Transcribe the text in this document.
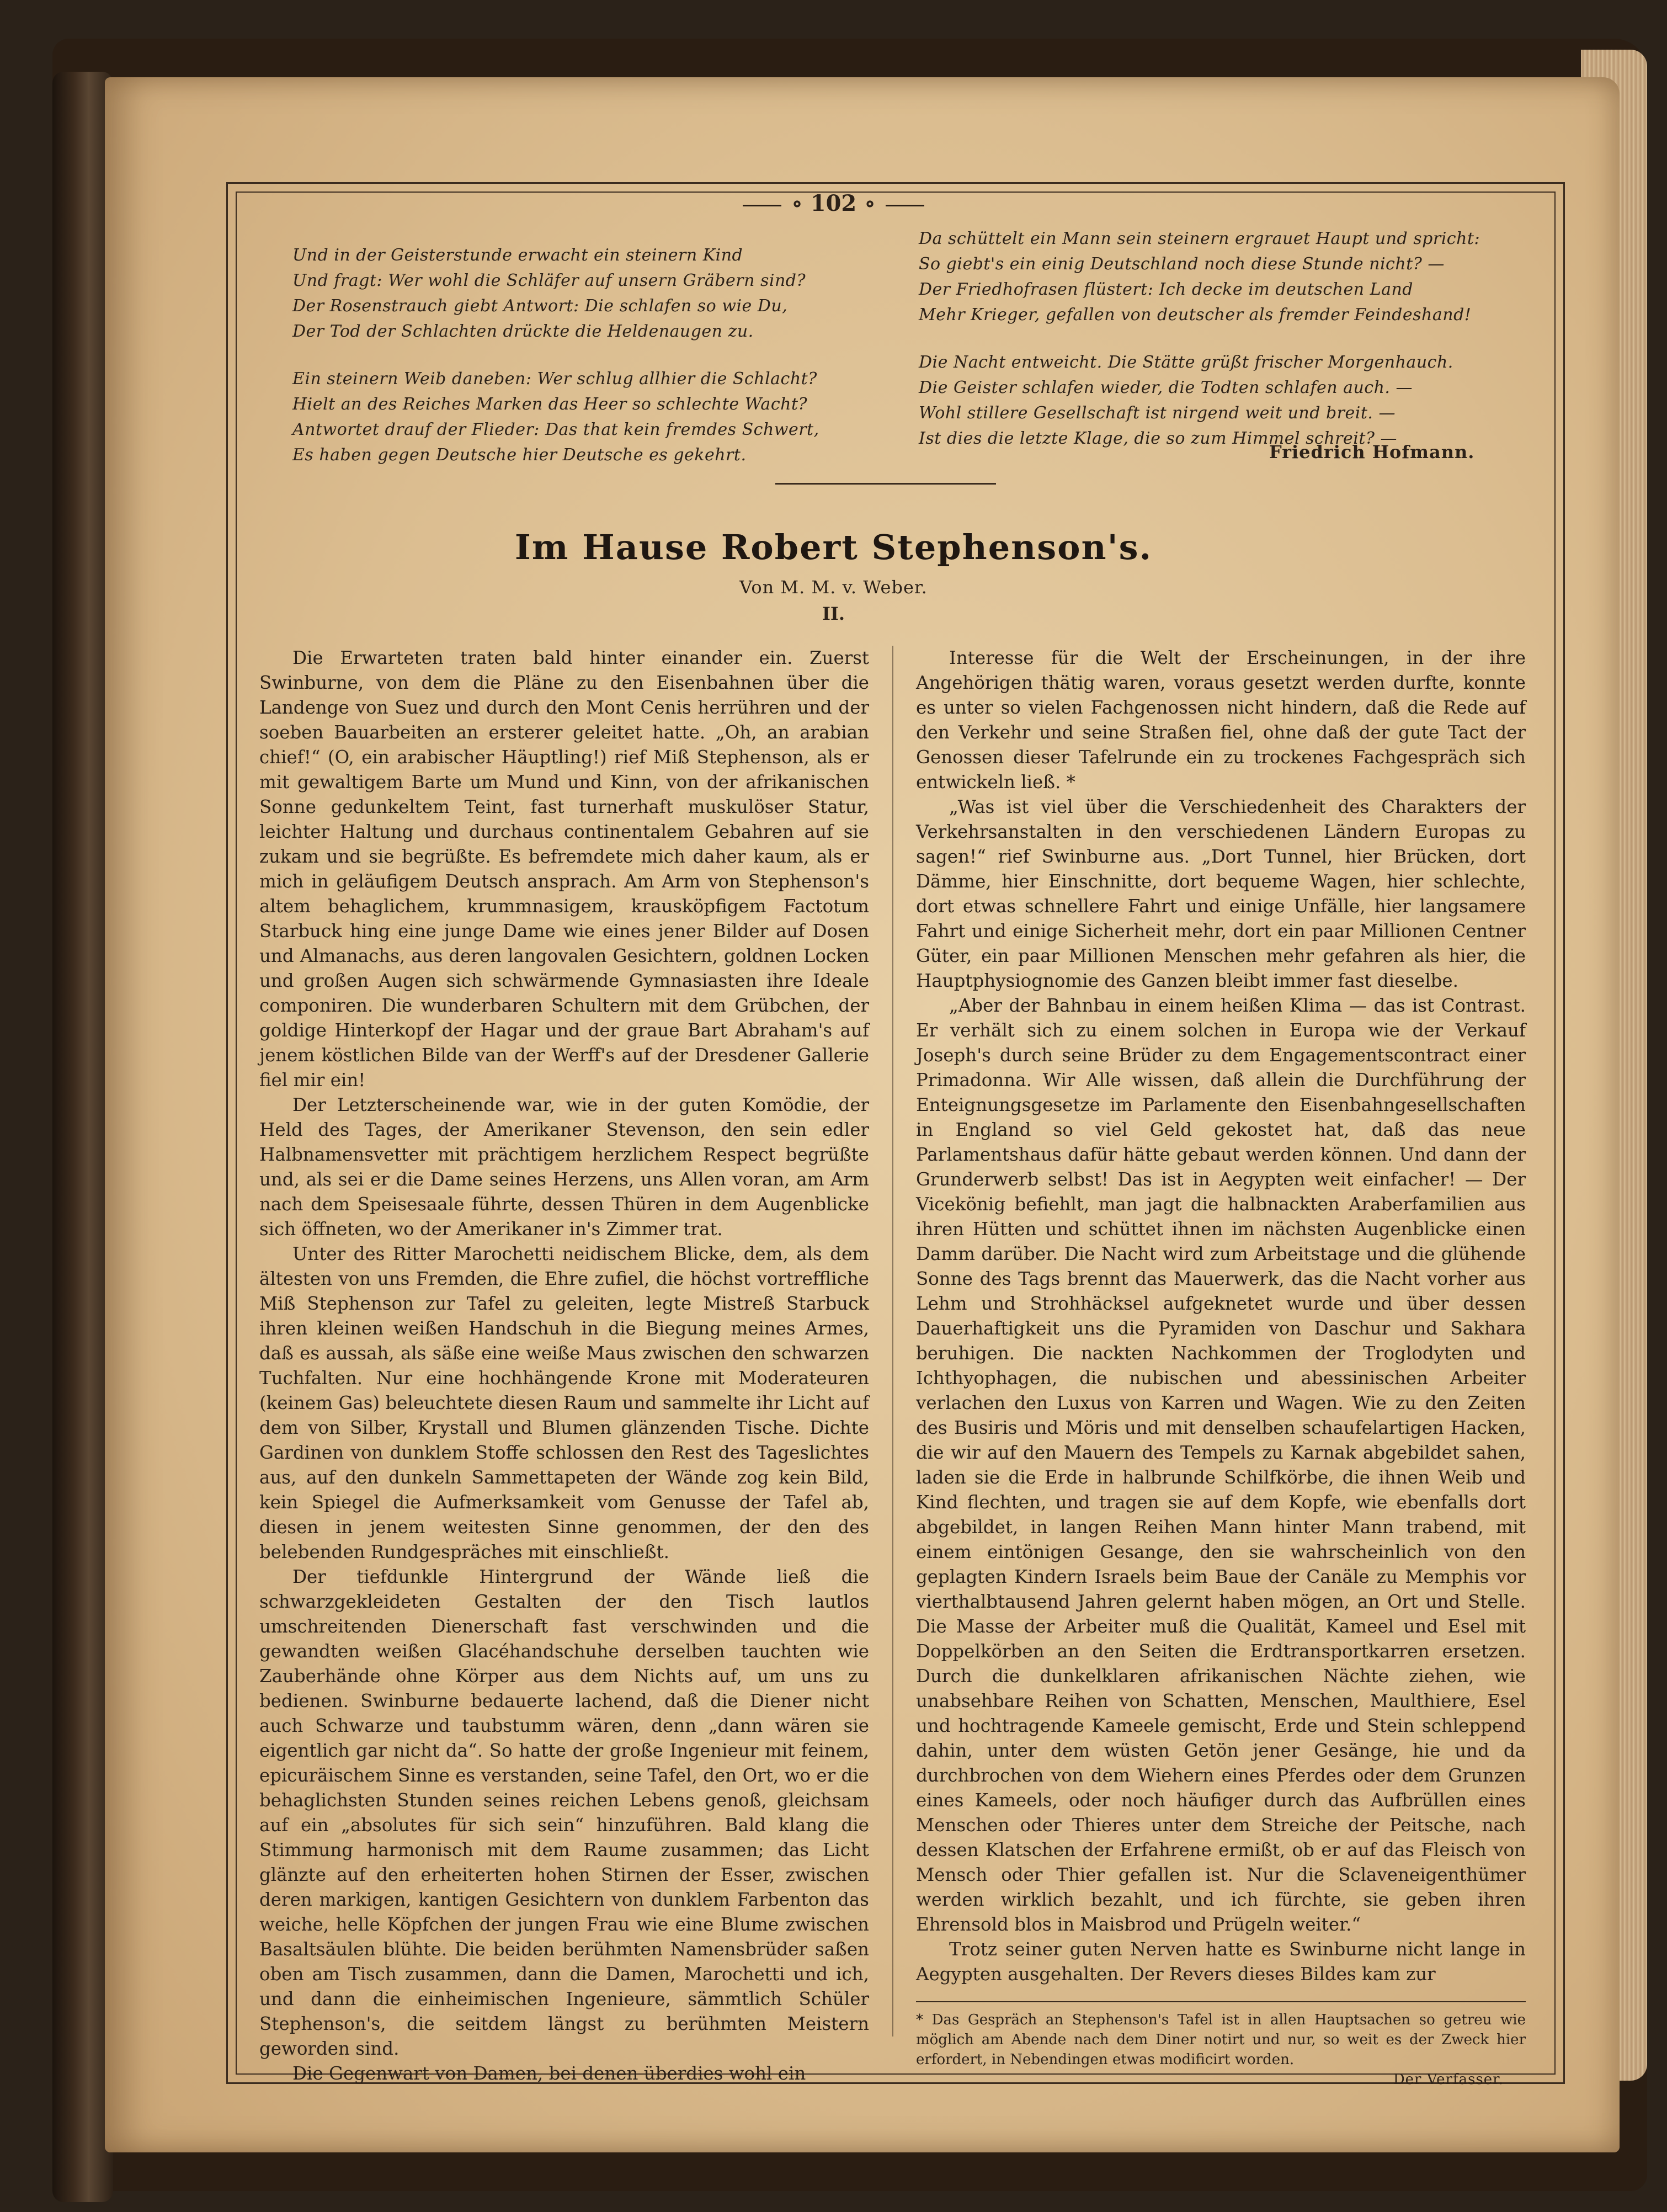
∘ 102 ∘
Und in der Geisterstunde erwacht ein steinern Kind
Und fragt: Wer wohl die Schläfer auf unsern Gräbern sind?
Der Rosenstrauch giebt Antwort: Die schlafen so wie Du,
Der Tod der Schlachten drückte die Heldenaugen zu.
Ein steinern Weib daneben: Wer schlug allhier die Schlacht?
Hielt an des Reiches Marken das Heer so schlechte Wacht?
Antwortet drauf der Flieder: Das that kein fremdes Schwert,
Es haben gegen Deutsche hier Deutsche es gekehrt.
Da schüttelt ein Mann sein steinern ergrauet Haupt und spricht:
So giebt's ein einig Deutschland noch diese Stunde nicht? —
Der Friedhofrasen flüstert: Ich decke im deutschen Land
Mehr Krieger, gefallen von deutscher als fremder Feindeshand!
Die Nacht entweicht. Die Stätte grüßt frischer Morgenhauch.
Die Geister schlafen wieder, die Todten schlafen auch. —
Wohl stillere Gesellschaft ist nirgend weit und breit. —
Ist dies die letzte Klage, die so zum Himmel schreit? —
Friedrich Hofmann.
Im Hause Robert Stephenson's.
Von M. M. v. Weber.
II.

Die Erwarteten traten bald hinter einander ein. Zuerst Swinburne, von dem die Pläne zu den Eisenbahnen über die Landenge von Suez und durch den Mont Cenis herrühren und der soeben Bauarbeiten an ersterer geleitet hatte. „Oh, an arabian chief!“ (O, ein arabischer Häuptling!) rief Miß Stephenson, als er mit gewaltigem Barte um Mund und Kinn, von der afrikanischen Sonne gedunkeltem Teint, fast turnerhaft muskulöser Statur, leichter Haltung und durchaus continentalem Gebahren auf sie zukam und sie begrüßte. Es befremdete mich daher kaum, als er mich in geläufigem Deutsch ansprach. Am Arm von Stephenson's altem behaglichem, krummnasigem, krausköpfigem Factotum Starbuck hing eine junge Dame wie eines jener Bilder auf Dosen und Almanachs, aus deren langovalen Gesichtern, goldnen Locken und großen Augen sich schwärmende Gymnasiasten ihre Ideale componiren. Die wunderbaren Schultern mit dem Grübchen, der goldige Hinterkopf der Hagar und der graue Bart Abraham's auf jenem köstlichen Bilde van der Werff's auf der Dresdener Gallerie fiel mir ein!

Der Letzterscheinende war, wie in der guten Komödie, der Held des Tages, der Amerikaner Stevenson, den sein edler Halbnamensvetter mit prächtigem herzlichem Respect begrüßte und, als sei er die Dame seines Herzens, uns Allen voran, am Arm nach dem Speisesaale führte, dessen Thüren in dem Augenblicke sich öffneten, wo der Amerikaner in's Zimmer trat.

Unter des Ritter Marochetti neidischem Blicke, dem, als dem ältesten von uns Fremden, die Ehre zufiel, die höchst vortreffliche Miß Stephenson zur Tafel zu geleiten, legte Mistreß Starbuck ihren kleinen weißen Handschuh in die Biegung meines Armes, daß es aussah, als säße eine weiße Maus zwischen den schwarzen Tuchfalten. Nur eine hochhängende Krone mit Moderateuren (keinem Gas) beleuchtete diesen Raum und sammelte ihr Licht auf dem von Silber, Krystall und Blumen glänzenden Tische. Dichte Gardinen von dunklem Stoffe schlossen den Rest des Tageslichtes aus, auf den dunkeln Sammettapeten der Wände zog kein Bild, kein Spiegel die Aufmerksamkeit vom Genusse der Tafel ab, diesen in jenem weitesten Sinne genommen, der den des belebenden Rundgespräches mit einschließt.

Der tiefdunkle Hintergrund der Wände ließ die schwarzgekleideten Gestalten der den Tisch lautlos umschreitenden Dienerschaft fast verschwinden und die gewandten weißen Glacéhandschuhe derselben tauchten wie Zauberhände ohne Körper aus dem Nichts auf, um uns zu bedienen. Swinburne bedauerte lachend, daß die Diener nicht auch Schwarze und taubstumm wären, denn „dann wären sie eigentlich gar nicht da“. So hatte der große Ingenieur mit feinem, epicuräischem Sinne es verstanden, seine Tafel, den Ort, wo er die behaglichsten Stunden seines reichen Lebens genoß, gleichsam auf ein „absolutes für sich sein“ hinzuführen. Bald klang die Stimmung harmonisch mit dem Raume zusammen; das Licht glänzte auf den erheiterten hohen Stirnen der Esser, zwischen deren markigen, kantigen Gesichtern von dunklem Farbenton das weiche, helle Köpfchen der jungen Frau wie eine Blume zwischen Basaltsäulen blühte. Die beiden berühmten Namensbrüder saßen oben am Tisch zusammen, dann die Damen, Marochetti und ich, und dann die einheimischen Ingenieure, sämmtlich Schüler Stephenson's, die seitdem längst zu berühmten Meistern geworden sind.

Die Gegenwart von Damen, bei denen überdies wohl ein

Interesse für die Welt der Erscheinungen, in der ihre Angehörigen thätig waren, voraus gesetzt werden durfte, konnte es unter so vielen Fachgenossen nicht hindern, daß die Rede auf den Verkehr und seine Straßen fiel, ohne daß der gute Tact der Genossen dieser Tafelrunde ein zu trockenes Fachgespräch sich entwickeln ließ. *

„Was ist viel über die Verschiedenheit des Charakters der Verkehrsanstalten in den verschiedenen Ländern Europas zu sagen!“ rief Swinburne aus. „Dort Tunnel, hier Brücken, dort Dämme, hier Einschnitte, dort bequeme Wagen, hier schlechte, dort etwas schnellere Fahrt und einige Unfälle, hier langsamere Fahrt und einige Sicherheit mehr, dort ein paar Millionen Centner Güter, ein paar Millionen Menschen mehr gefahren als hier, die Hauptphysiognomie des Ganzen bleibt immer fast dieselbe.

„Aber der Bahnbau in einem heißen Klima — das ist Contrast. Er verhält sich zu einem solchen in Europa wie der Verkauf Joseph's durch seine Brüder zu dem Engagementscontract einer Primadonna. Wir Alle wissen, daß allein die Durchführung der Enteignungsgesetze im Parlamente den Eisenbahngesellschaften in England so viel Geld gekostet hat, daß das neue Parlamentshaus dafür hätte gebaut werden können. Und dann der Grunderwerb selbst! Das ist in Aegypten weit einfacher! — Der Vicekönig befiehlt, man jagt die halbnackten Araberfamilien aus ihren Hütten und schüttet ihnen im nächsten Augenblicke einen Damm darüber. Die Nacht wird zum Arbeitstage und die glühende Sonne des Tags brennt das Mauerwerk, das die Nacht vorher aus Lehm und Strohhäcksel aufgeknetet wurde und über dessen Dauerhaftigkeit uns die Pyramiden von Daschur und Sakhara beruhigen. Die nackten Nachkommen der Troglodyten und Ichthyophagen, die nubischen und abessinischen Arbeiter verlachen den Luxus von Karren und Wagen. Wie zu den Zeiten des Busiris und Möris und mit denselben schaufelartigen Hacken, die wir auf den Mauern des Tempels zu Karnak abgebildet sahen, laden sie die Erde in halbrunde Schilfkörbe, die ihnen Weib und Kind flechten, und tragen sie auf dem Kopfe, wie ebenfalls dort abgebildet, in langen Reihen Mann hinter Mann trabend, mit einem eintönigen Gesange, den sie wahrscheinlich von den geplagten Kindern Israels beim Baue der Canäle zu Memphis vor vierthalbtausend Jahren gelernt haben mögen, an Ort und Stelle. Die Masse der Arbeiter muß die Qualität, Kameel und Esel mit Doppelkörben an den Seiten die Erdtransportkarren ersetzen. Durch die dunkelklaren afrikanischen Nächte ziehen, wie unabsehbare Reihen von Schatten, Menschen, Maulthiere, Esel und hochtragende Kameele gemischt, Erde und Stein schleppend dahin, unter dem wüsten Getön jener Gesänge, hie und da durchbrochen von dem Wiehern eines Pferdes oder dem Grunzen eines Kameels, oder noch häufiger durch das Aufbrüllen eines Menschen oder Thieres unter dem Streiche der Peitsche, nach dessen Klatschen der Erfahrene ermißt, ob er auf das Fleisch von Mensch oder Thier gefallen ist. Nur die Sclaveneigenthümer werden wirklich bezahlt, und ich fürchte, sie geben ihren Ehrensold blos in Maisbrod und Prügeln weiter.“

Trotz seiner guten Nerven hatte es Swinburne nicht lange in Aegypten ausgehalten. Der Revers dieses Bildes kam zur

* Das Gespräch an Stephenson's Tafel ist in allen Hauptsachen so getreu wie möglich am Abende nach dem Diner notirt und nur, so weit es der Zweck hier erfordert, in Nebendingen etwas modificirt worden.
Der Verfasser.
